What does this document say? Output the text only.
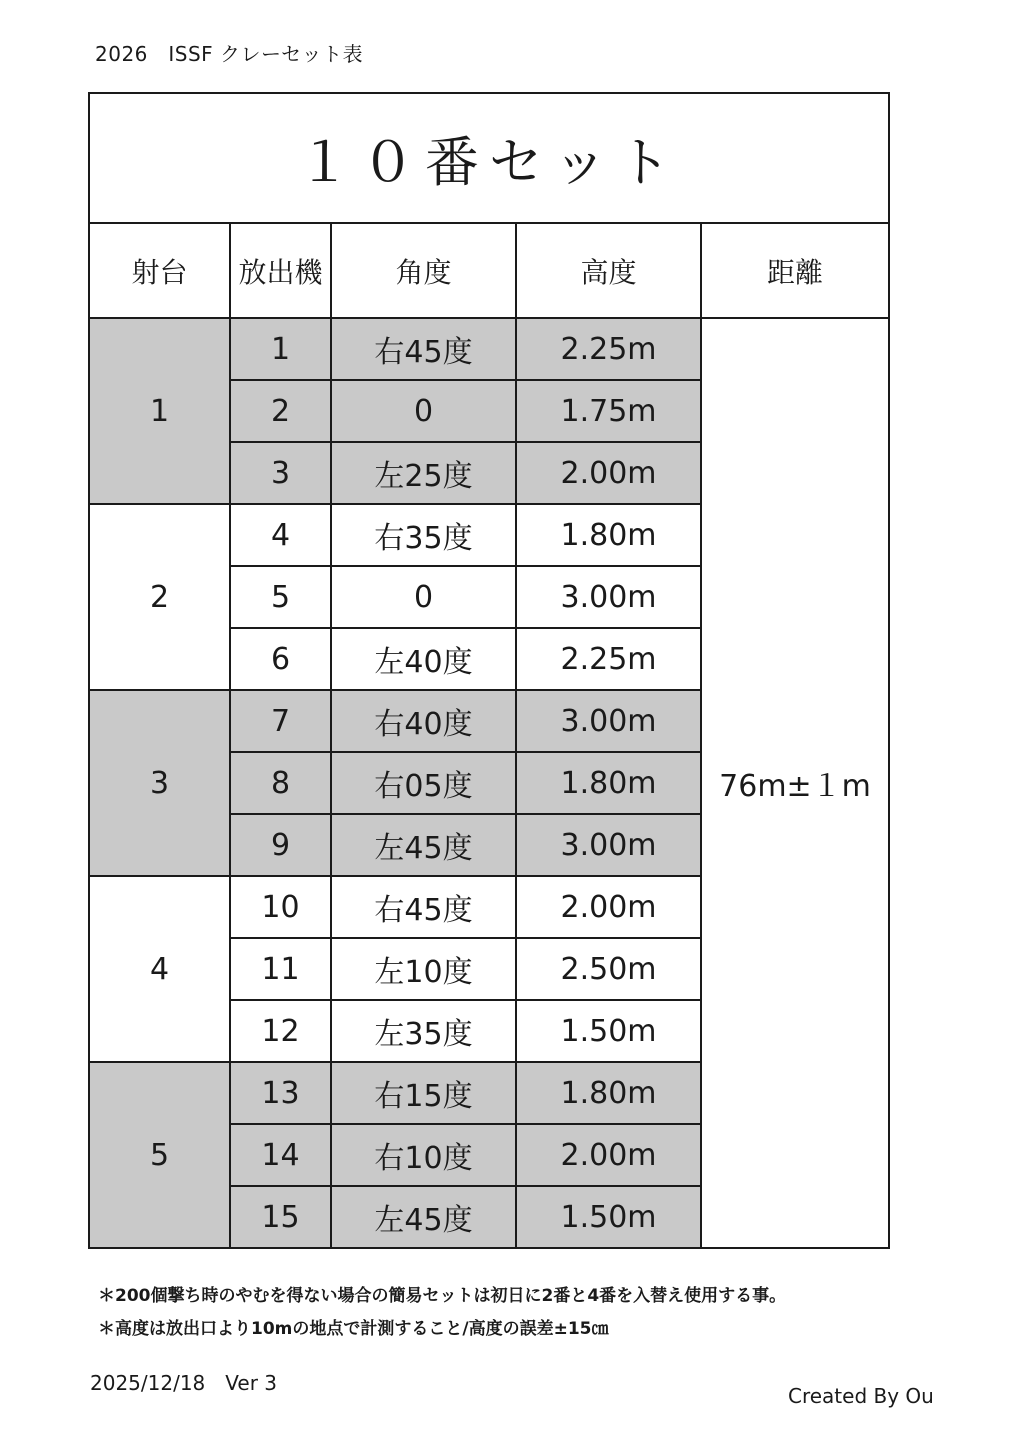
2026　ISSF クレーセット表
１０番セット				
射台	放出機	角度	高度	距離
1	1	右45度	2.25m	76m±１m
	2	0	1.75m	
	3	左25度	2.00m	
2	4	右35度	1.80m	
	5	0	3.00m	
	6	左40度	2.25m	
3	7	右40度	3.00m	
	8	右05度	1.80m	
	9	左45度	3.00m	
4	10	右45度	2.00m	
	11	左10度	2.50m	
	12	左35度	1.50m	
5	13	右15度	1.80m	
	14	右10度	2.00m	
	15	左45度	1.50m	
＊200個撃ち時のやむを得ない場合の簡易セットは初日に2番と4番を入替え使用する事。
＊高度は放出口より10mの地点で計測すること/高度の誤差±15㎝
2025/12/18　Ver 3
Created By Ou
